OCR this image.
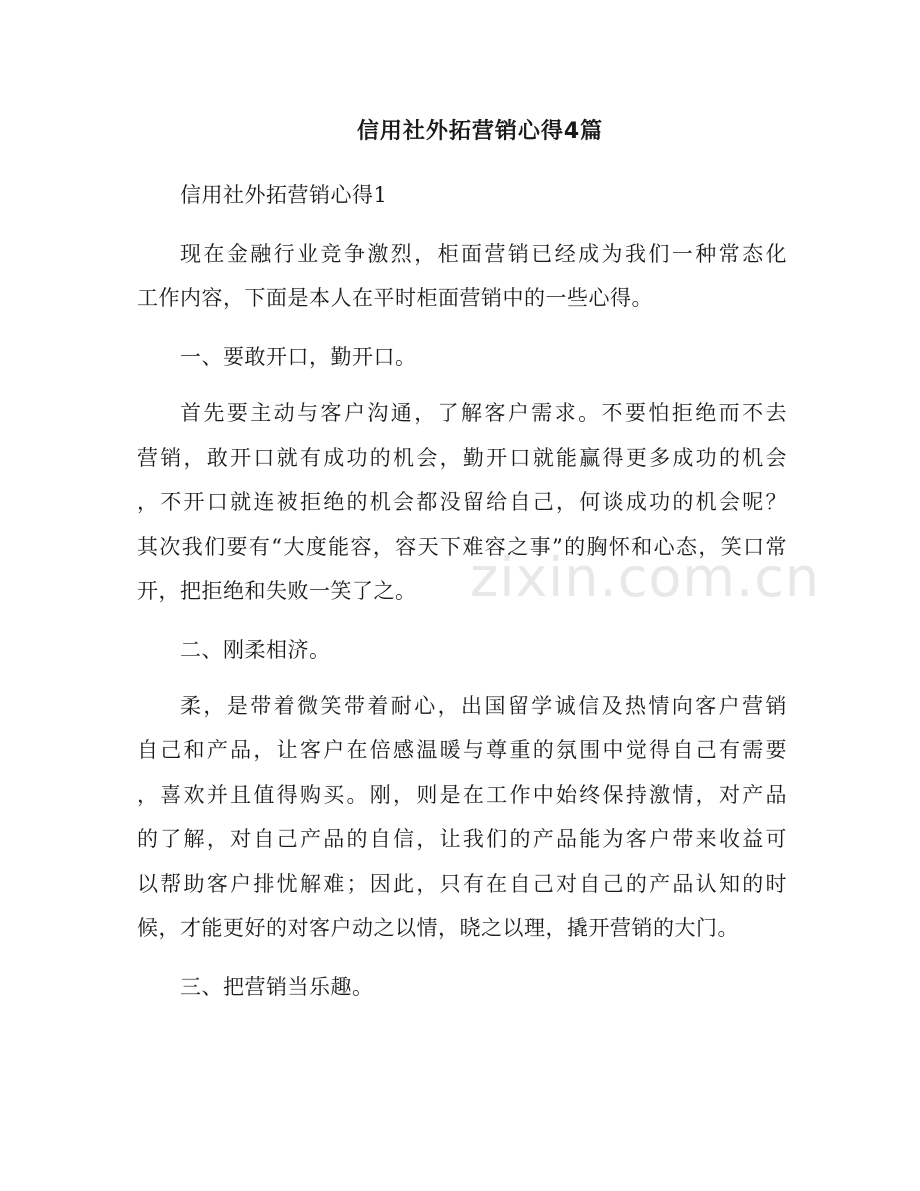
zixin.com.cn
信用社外拓营销心得4篇
信用社外拓营销心得1
现在金融行业竞争激烈，柜面营销已经成为我们一种常态化
工作内容，下面是本人在平时柜面营销中的一些心得。
一、要敢开口，勤开口。
首先要主动与客户沟通，了解客户需求。不要怕拒绝而不去
营销，敢开口就有成功的机会，勤开口就能赢得更多成功的机会
，不开口就连被拒绝的机会都没留给自己，何谈成功的机会呢？
其次我们要有“大度能容，容天下难容之事”的胸怀和心态，笑口常
开，把拒绝和失败一笑了之。
二、刚柔相济。
柔，是带着微笑带着耐心，出国留学诚信及热情向客户营销
自己和产品，让客户在倍感温暖与尊重的氛围中觉得自己有需要
，喜欢并且值得购买。刚，则是在工作中始终保持激情，对产品
的了解，对自己产品的自信，让我们的产品能为客户带来收益可
以帮助客户排忧解难；因此，只有在自己对自己的产品认知的时
候，才能更好的对客户动之以情，晓之以理，撬开营销的大门。
三、把营销当乐趣。
